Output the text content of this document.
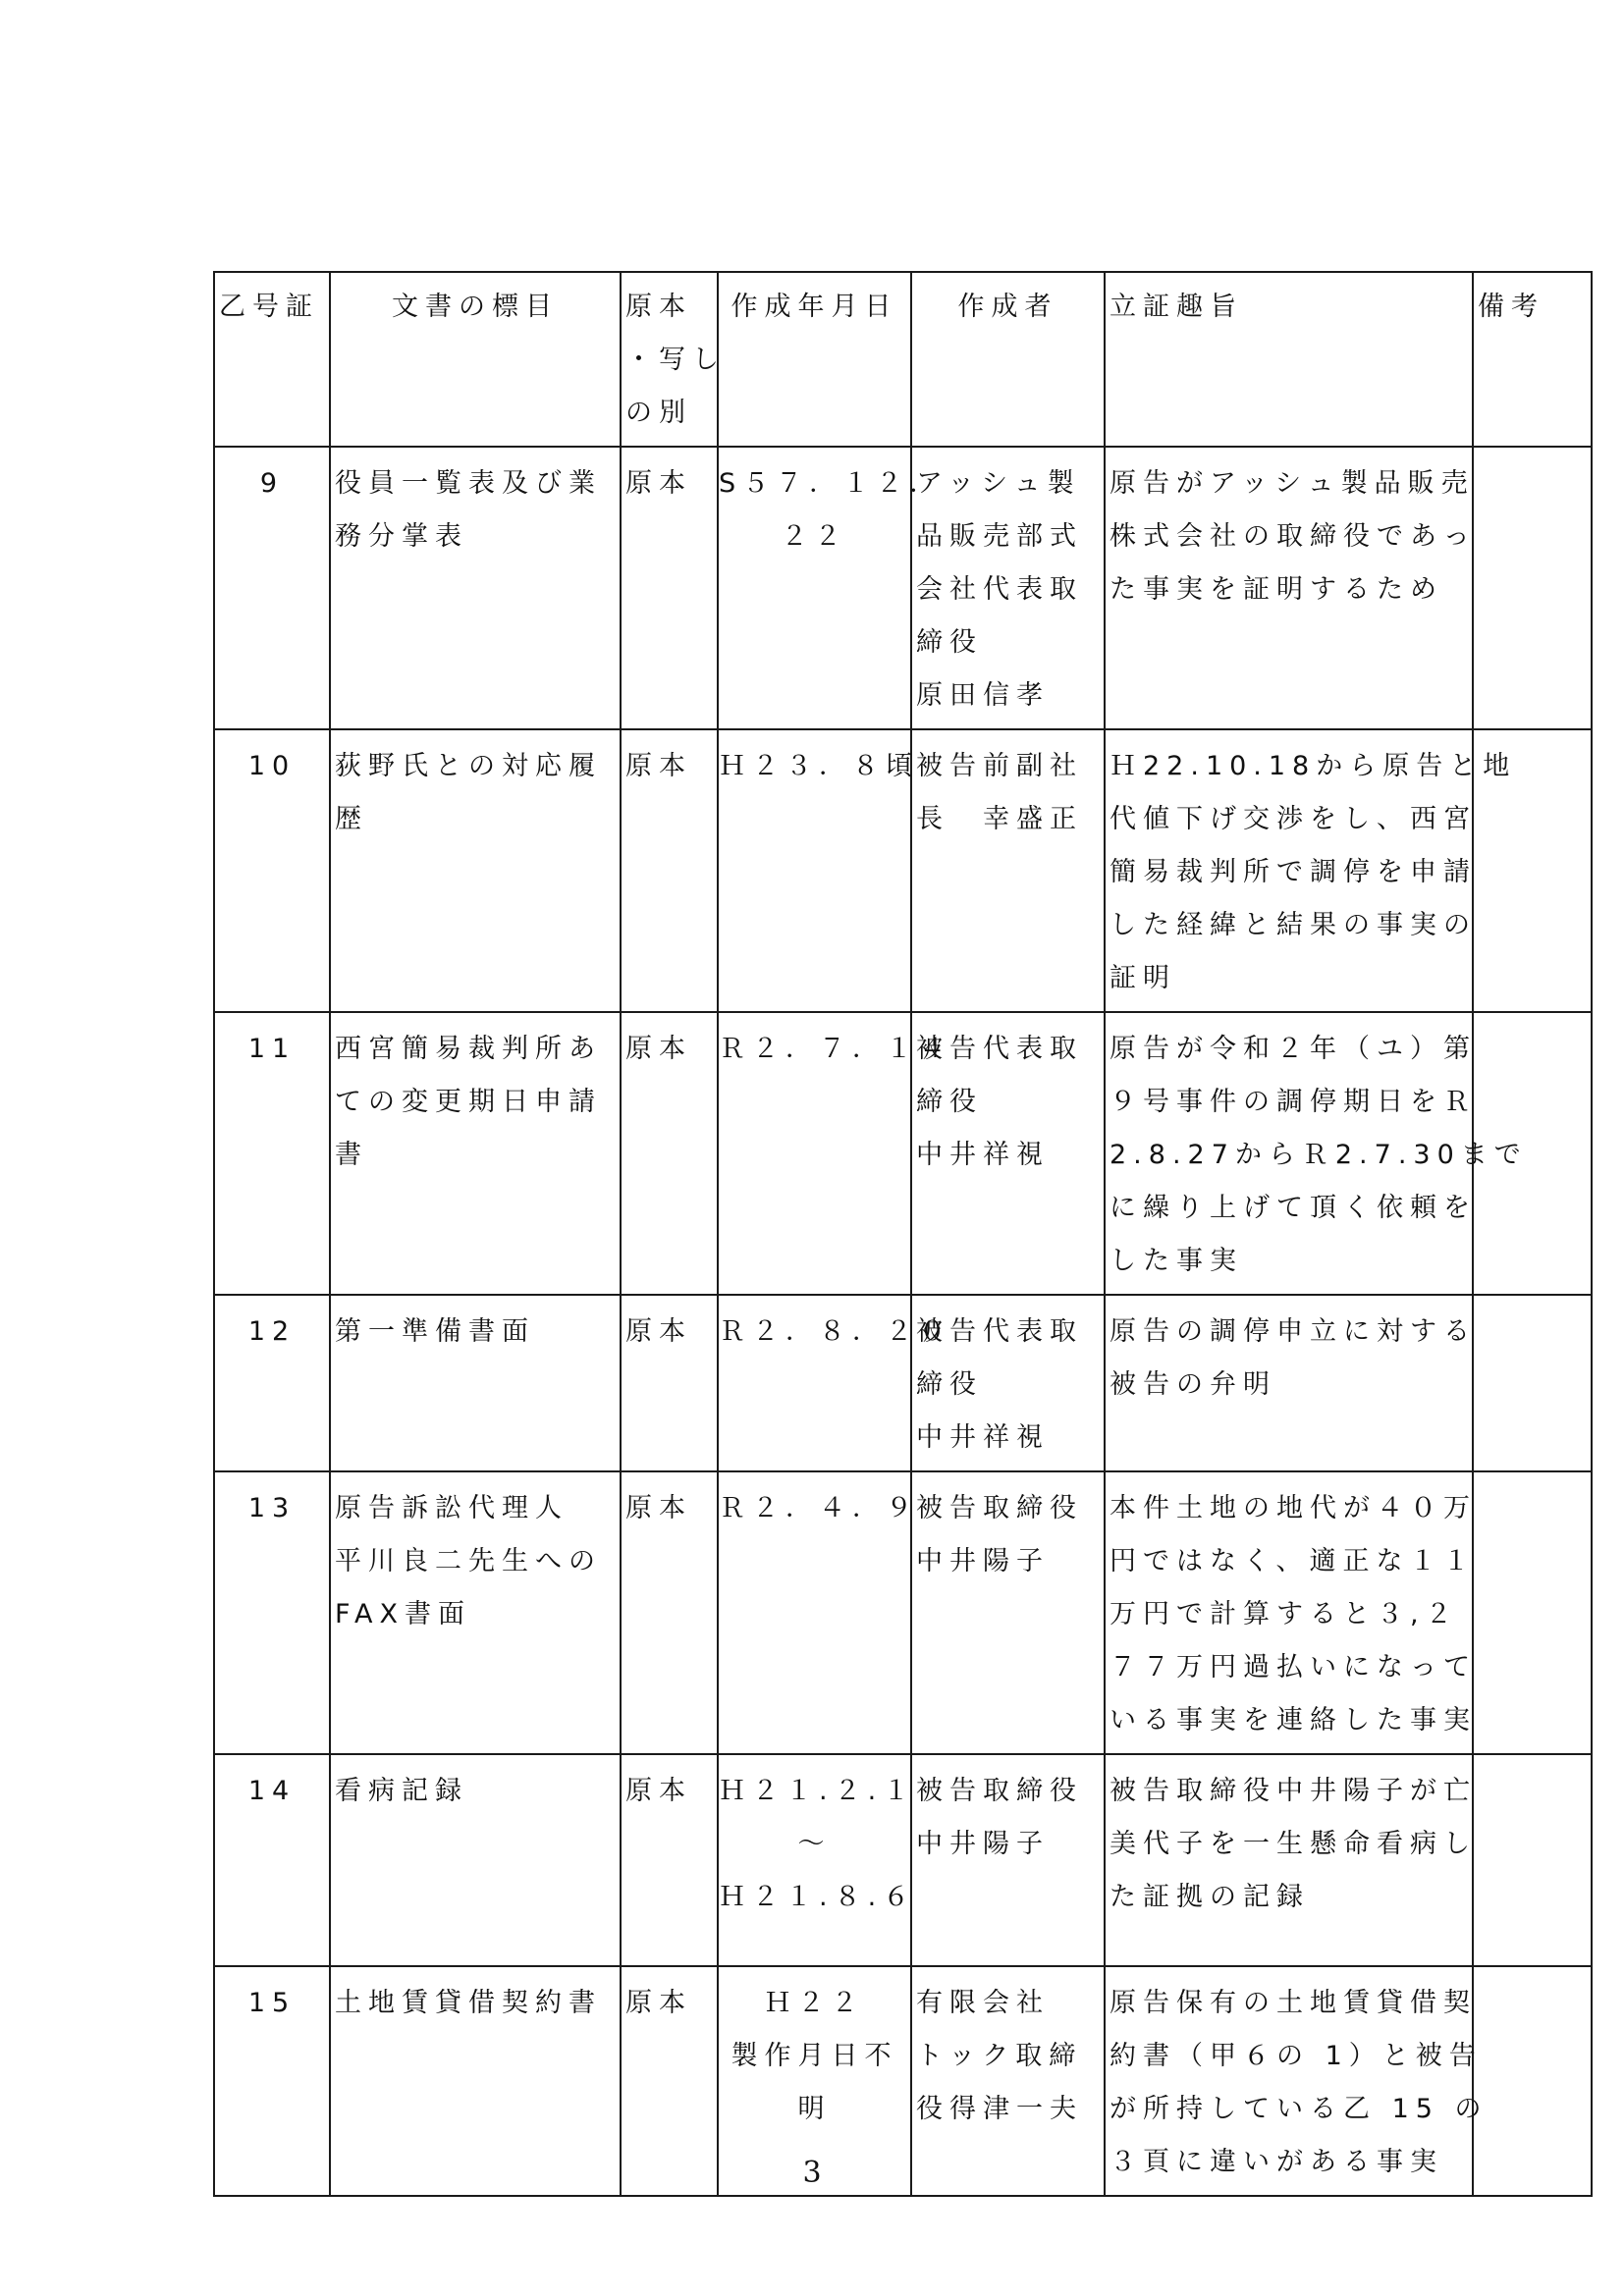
乙号証	文書の標目	原本
・写し
の別	作成年月日	作成者	立証趣旨	備考

9	役員一覧表及び業
務分掌表	原本	S５７．１２．
２２	アッシュ製
品販売部式
会社代表取
締役
原田信孝	原告がアッシュ製品販売
株式会社の取締役であっ
た事実を証明するため	

10	荻野氏との対応履
歴	原本	Ｈ２３．８頃	被告前副社
長　幸盛正	Ｈ22.10.18から原告と地
代値下げ交渉をし、西宮
簡易裁判所で調停を申請
した経緯と結果の事実の
証明	

11	西宮簡易裁判所あ
ての変更期日申請
書	原本	Ｒ２．７．１４	被告代表取
締役
中井祥視	原告が令和２年（ユ）第
９号事件の調停期日をＲ
2.8.27からＲ2.7.30まで
に繰り上げて頂く依頼を
した事実	

12	第一準備書面	原本	Ｒ２．８．２０	被告代表取
締役
中井祥視	原告の調停申立に対する
被告の弁明	

13	原告訴訟代理人
平川良二先生への
FAX書面	原本	Ｒ２．４．９	被告取締役
中井陽子	本件土地の地代が４０万
円ではなく、適正な１１
万円で計算すると３,２
７７万円過払いになって
いる事実を連絡した事実	

14	看病記録	原本	Ｈ２１.２.１
～
Ｈ２１.８.６	被告取締役
中井陽子	被告取締役中井陽子が亡
美代子を一生懸命看病し
た証拠の記録	

15	土地賃貸借契約書	原本	Ｈ２２
製作月日不
明	有限会社
トック取締
役得津一夫	原告保有の土地賃貸借契
約書（甲６の 1）と被告
が所持している乙 15 の
３頁に違いがある事実	

3
